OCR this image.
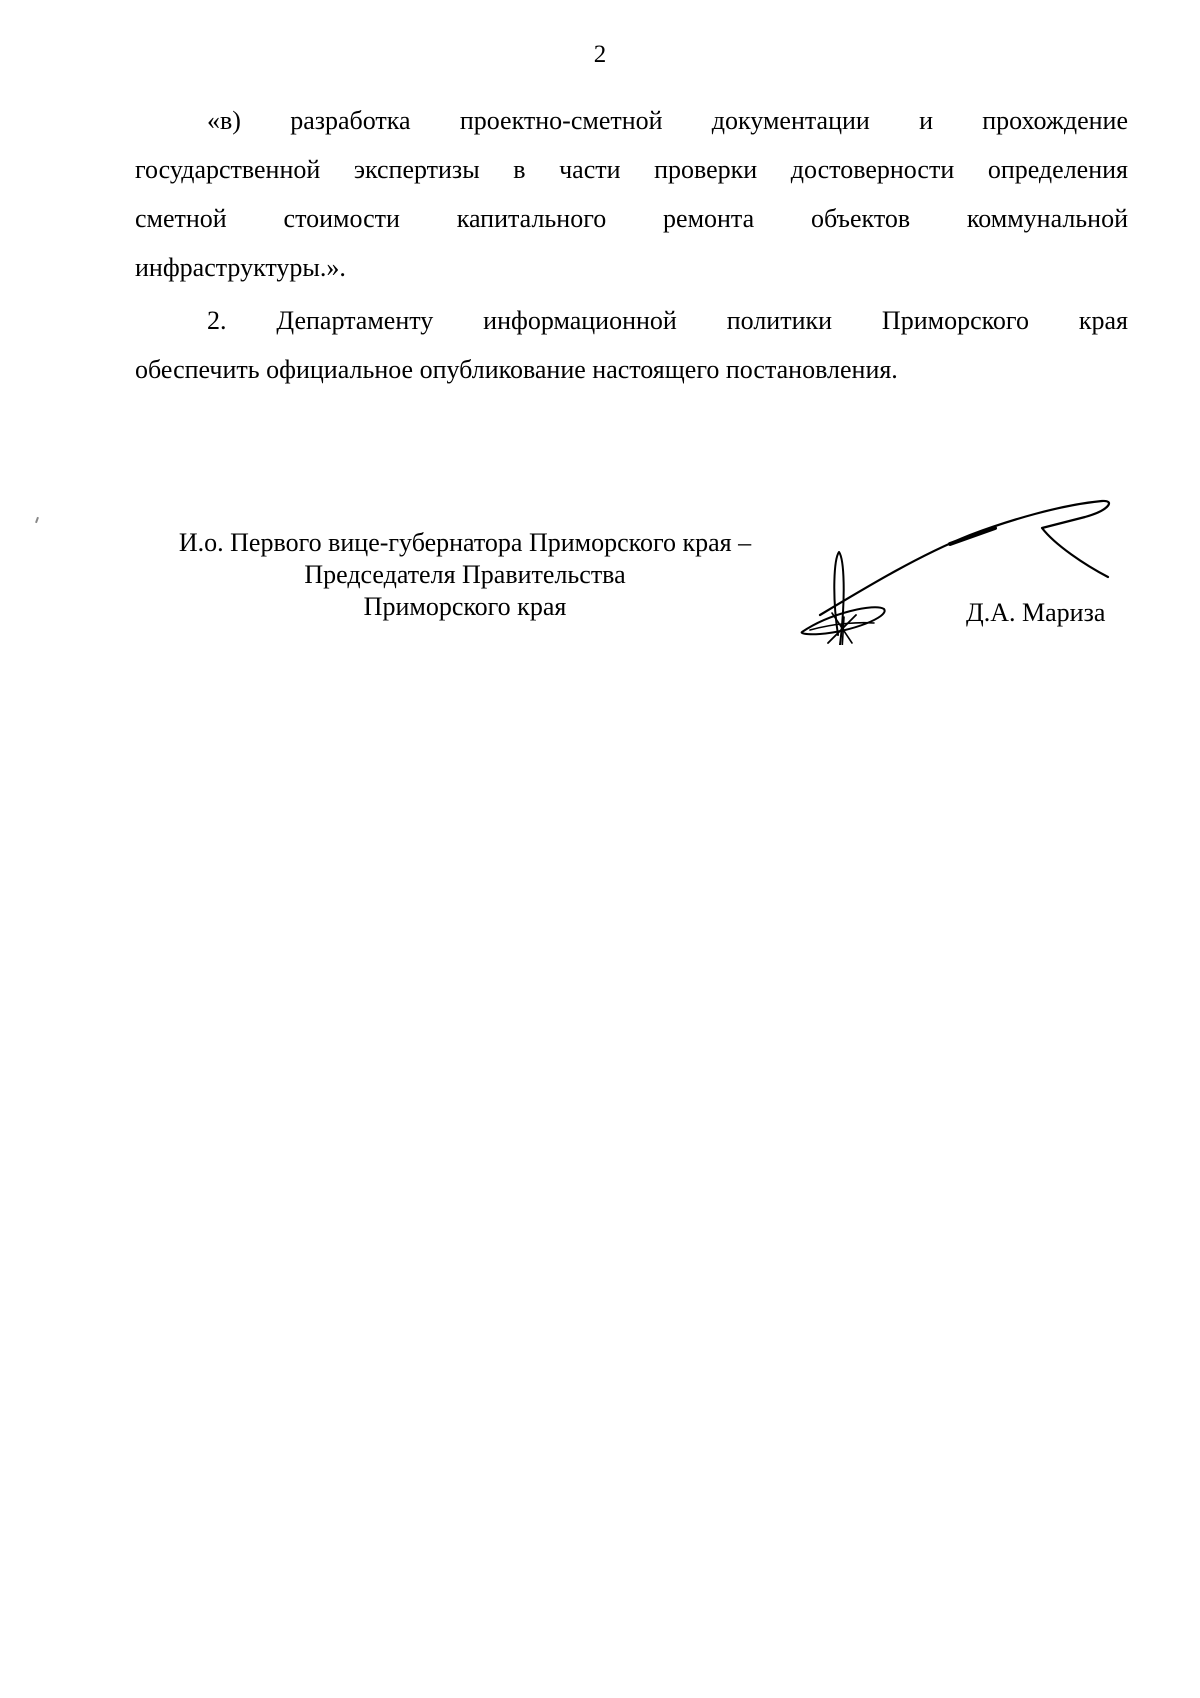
2
«в) разработка проектно-сметной документации и прохождение
государственной экспертизы в части проверки достоверности определения
сметной стоимости капитального ремонта объектов коммунальной
инфраструктуры.».
2. Департаменту информационной политики Приморского края
обеспечить официальное опубликование настоящего постановления.
И.о. Первого вице-губернатора Приморского края –
Председателя Правительства
Приморского края	Д.А. Мариза
